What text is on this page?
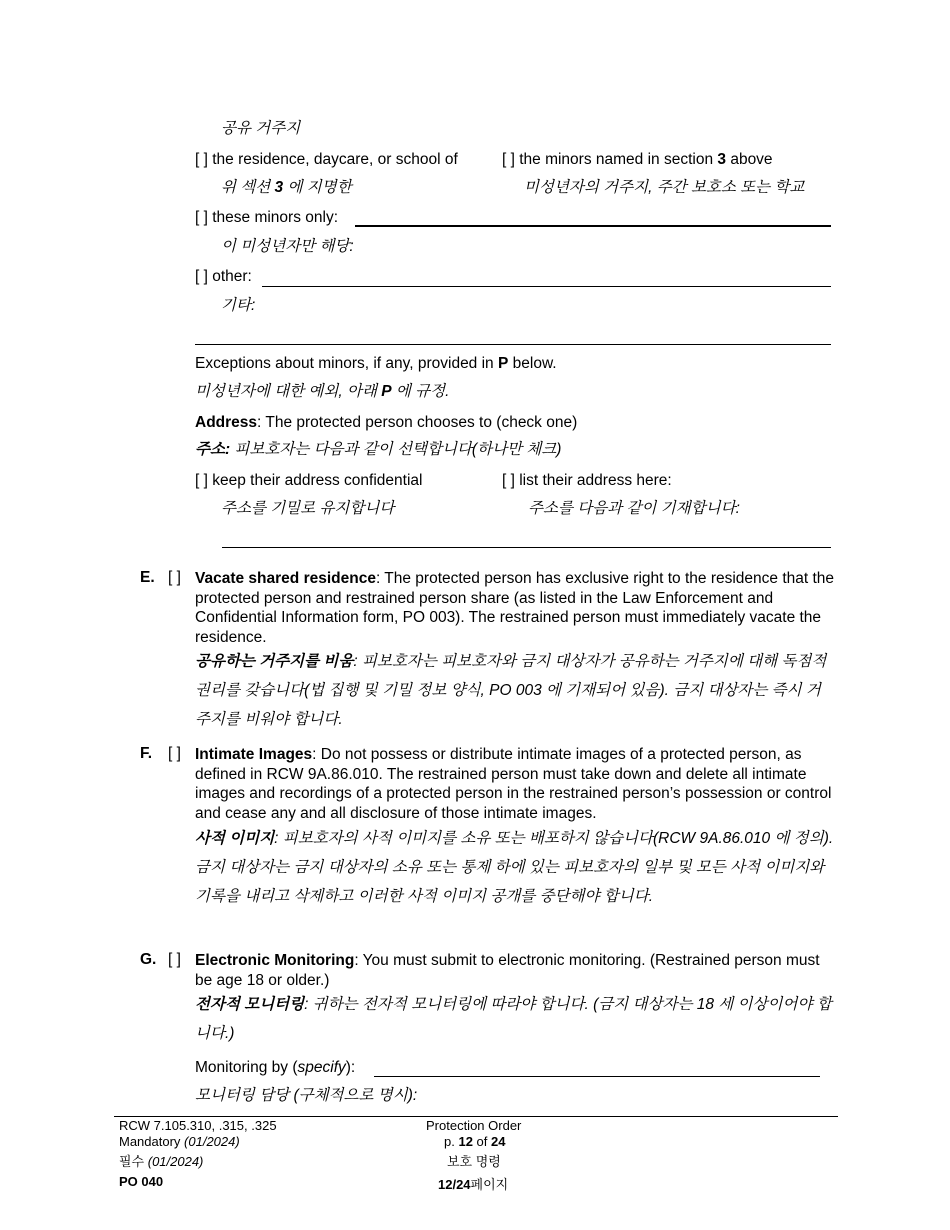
공유 거주지
[ ] the residence, daycare, or school of	[ ] the minors named in section 3 above
위 섹션 3 에 지명한	미성년자의 거주지, 주간 보호소 또는 학교
[ ] these minors only:
이 미성년자만 해당:
[ ] other:
기타:
Exceptions about minors, if any, provided in P below.
미성년자에 대한 예외, 아래 P 에 규정.
Address: The protected person chooses to (check one)
주소: 피보호자는 다음과 같이 선택합니다(하나만 체크)
[ ] keep their address confidential	[ ] list their address here:
주소를 기밀로 유지합니다	주소를 다음과 같이 기재합니다:
E. [ ] Vacate shared residence: The protected person has exclusive right to the residence that the protected person and restrained person share (as listed in the Law Enforcement and Confidential Information form, PO 003). The restrained person must immediately vacate the residence.
공유하는 거주지를 비움: 피보호자는 피보호자와 금지 대상자가 공유하는 거주지에 대해 독점적 권리를 갖습니다(법 집행 및 기밀 정보 양식, PO 003 에 기재되어 있음). 금지 대상자는 즉시 거주지를 비워야 합니다.
F. [ ] Intimate Images: Do not possess or distribute intimate images of a protected person, as defined in RCW 9A.86.010. The restrained person must take down and delete all intimate images and recordings of a protected person in the restrained person’s possession or control and cease any and all disclosure of those intimate images.
사적 이미지: 피보호자의 사적 이미지를 소유 또는 배포하지 않습니다(RCW 9A.86.010 에 정의). 금지 대상자는 금지 대상자의 소유 또는 통제 하에 있는 피보호자의 일부 및 모든 사적 이미지와 기록을 내리고 삭제하고 이러한 사적 이미지 공개를 중단해야 합니다.
G. [ ] Electronic Monitoring: You must submit to electronic monitoring. (Restrained person must be age 18 or older.)
전자적 모니터링: 귀하는 전자적 모니터링에 따라야 합니다. (금지 대상자는 18 세 이상이어야 합니다.)
Monitoring by (specify):
모니터링 담당 (구체적으로 명시):
RCW 7.105.310, .315, .325
Mandatory (01/2024)
필수 (01/2024)
PO 040
Protection Order
p. 12 of 24
보호 명령
12/24페이지
